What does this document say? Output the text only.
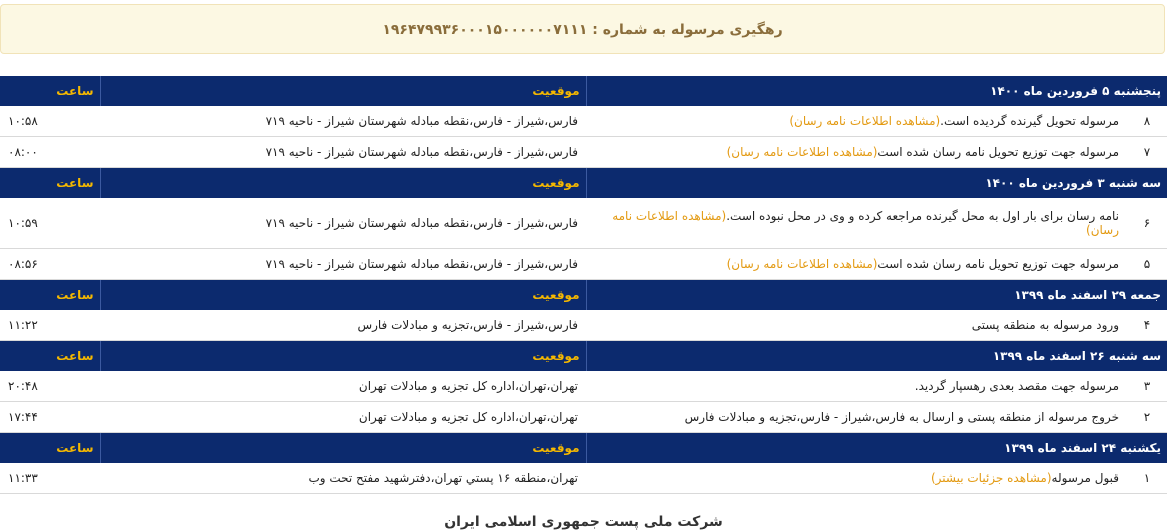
رهگیری مرسوله به شماره : ۱۹۶۴۷۹۹۳۶۰۰۰۱۵۰۰۰۰۰۰۷۱۱۱
پنجشنبه ۵ فروردین ماه ۱۴۰۰		موقعیت	ساعت
۸	مرسوله تحویل گیرنده گردیده است.(مشاهده اطلاعات نامه رسان)	فارس،شیراز - فارس،نقطه مبادله شهرستان شیراز - ناحیه ۷۱۹	۱۰:۵۸
۷	مرسوله جهت توزیع تحویل نامه رسان شده است(مشاهده اطلاعات نامه رسان)	فارس،شیراز - فارس،نقطه مبادله شهرستان شیراز - ناحیه ۷۱۹	۰۸:۰۰
سه شنبه ۳ فروردین ماه ۱۴۰۰		موقعیت	ساعت
۶	نامه رسان برای بار اول به محل گیرنده مراجعه کرده و وی در محل نبوده است.(مشاهده اطلاعات نامه رسان)	فارس،شیراز - فارس،نقطه مبادله شهرستان شیراز - ناحیه ۷۱۹	۱۰:۵۹
۵	مرسوله جهت توزیع تحویل نامه رسان شده است(مشاهده اطلاعات نامه رسان)	فارس،شیراز - فارس،نقطه مبادله شهرستان شیراز - ناحیه ۷۱۹	۰۸:۵۶
جمعه ۲۹ اسفند ماه ۱۳۹۹		موقعیت	ساعت
۴	ورود مرسوله به منطقه پستی	فارس،شیراز - فارس،تجزیه و مبادلات فارس	۱۱:۲۲
سه شنبه ۲۶ اسفند ماه ۱۳۹۹		موقعیت	ساعت
۳	مرسوله جهت مقصد بعدی رهسپار گردید.	تهران،تهران،اداره کل تجزیه و مبادلات تهران	۲۰:۴۸
۲	خروج مرسوله از منطقه پستی و ارسال به فارس،شیراز - فارس،تجزیه و مبادلات فارس	تهران،تهران،اداره کل تجزیه و مبادلات تهران	۱۷:۴۴
یکشنبه ۲۴ اسفند ماه ۱۳۹۹		موقعیت	ساعت
۱	قبول مرسوله(مشاهده جزئیات بیشتر)	تهران،منطقه ۱۶ پستي تهران،دفترشهید مفتح تحت وب	۱۱:۳۳
شرکت ملی پست جمهوری اسلامی ایران
